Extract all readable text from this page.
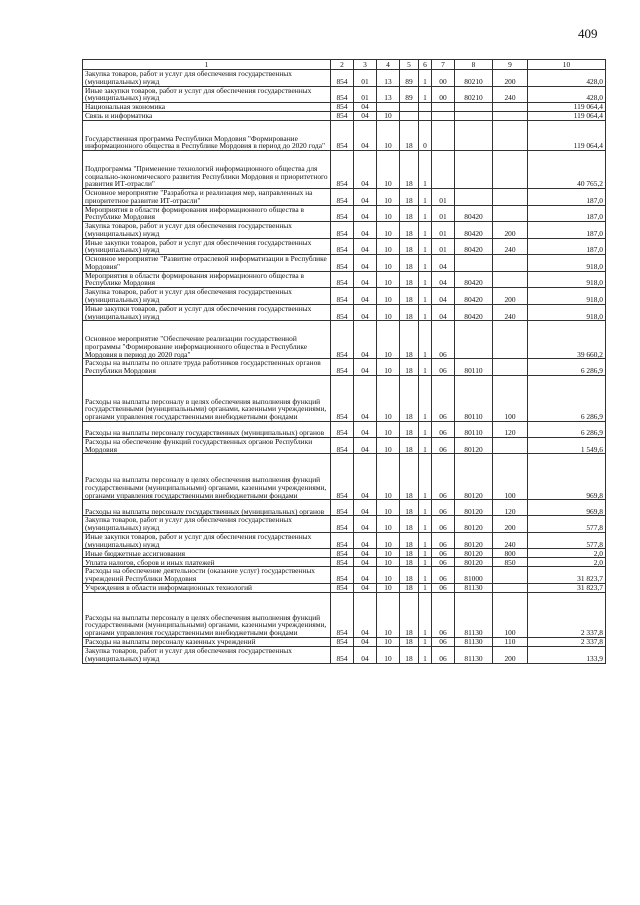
409
1	2	3	4	5	6	7	8	9	10
Закупка товаров, работ и услуг для обеспечения государственных (муниципальных) нужд	854	01	13	89	1	00	80210	200	428,0
Иные закупки товаров, работ и услуг для обеспечения государственных (муниципальных) нужд	854	01	13	89	1	00	80210	240	428,0
Национальная экономика	854	04							119 064,4
Связь и информатика	854	04	10						119 064,4
Государственная программа Республики Мордовия "Формирование информационного общества в Республике Мордовия в период до 2020 года"	854	04	10	18	0				119 064,4
Подпрограмма "Применение технологий информационного общества для социально-экономического развития Республики Мордовия и приоритетного развития ИТ-отрасли"	854	04	10	18	1				40 765,2
Основное мероприятие "Разработка и реализация мер, направленных на приоритетное развитие ИТ-отрасли"	854	04	10	18	1	01			187,0
Мероприятия в области формирования информационного общества в Республике Мордовия	854	04	10	18	1	01	80420		187,0
Закупка товаров, работ и услуг для обеспечения государственных (муниципальных) нужд	854	04	10	18	1	01	80420	200	187,0
Иные закупки товаров, работ и услуг для обеспечения государственных (муниципальных) нужд	854	04	10	18	1	01	80420	240	187,0
Основное мероприятие "Развитие отраслевой информатизации в Республике Мордовия"	854	04	10	18	1	04			918,0
Мероприятия в области формирования информационного общества в Республике Мордовия	854	04	10	18	1	04	80420		918,0
Закупка товаров, работ и услуг для обеспечения государственных (муниципальных) нужд	854	04	10	18	1	04	80420	200	918,0
Иные закупки товаров, работ и услуг для обеспечения государственных (муниципальных) нужд	854	04	10	18	1	04	80420	240	918,0
Основное мероприятие "Обеспечение реализации государственной программы "Формирование информационного общества в Республике Мордовия в период до 2020 года"	854	04	10	18	1	06			39 660,2
Расходы на выплаты по оплате труда работников государственных органов Республики Мордовия	854	04	10	18	1	06	80110		6 286,9
Расходы на выплаты персоналу в целях обеспечения выполнения функций государственными (муниципальными) органами, казенными учреждениями, органами управления государственными внебюджетными фондами	854	04	10	18	1	06	80110	100	6 286,9
Расходы на выплаты персоналу государственных (муниципальных) органов	854	04	10	18	1	06	80110	120	6 286,9
Расходы на обеспечение функций государственных органов Республики Мордовия	854	04	10	18	1	06	80120		1 549,6
Расходы на выплаты персоналу в целях обеспечения выполнения функций государственными (муниципальными) органами, казенными учреждениями, органами управления государственными внебюджетными фондами	854	04	10	18	1	06	80120	100	969,8
Расходы на выплаты персоналу государственных (муниципальных) органов	854	04	10	18	1	06	80120	120	969,8
Закупка товаров, работ и услуг для обеспечения государственных (муниципальных) нужд	854	04	10	18	1	06	80120	200	577,8
Иные закупки товаров, работ и услуг для обеспечения государственных (муниципальных) нужд	854	04	10	18	1	06	80120	240	577,8
Иные бюджетные ассигнования	854	04	10	18	1	06	80120	800	2,0
Уплата налогов, сборов и иных платежей	854	04	10	18	1	06	80120	850	2,0
Расходы на обеспечение деятельности (оказание услуг) государственных учреждений Республики Мордовия	854	04	10	18	1	06	81000		31 823,7
Учреждения в области информационных технологий	854	04	10	18	1	06	81130		31 823,7
Расходы на выплаты персоналу в целях обеспечения выполнения функций государственными (муниципальными) органами, казенными учреждениями, органами управления государственными внебюджетными фондами	854	04	10	18	1	06	81130	100	2 337,8
Расходы на выплаты персоналу казенных учреждений	854	04	10	18	1	06	81130	110	2 337,8
Закупка товаров, работ и услуг для обеспечения государственных (муниципальных) нужд	854	04	10	18	1	06	81130	200	133,9
